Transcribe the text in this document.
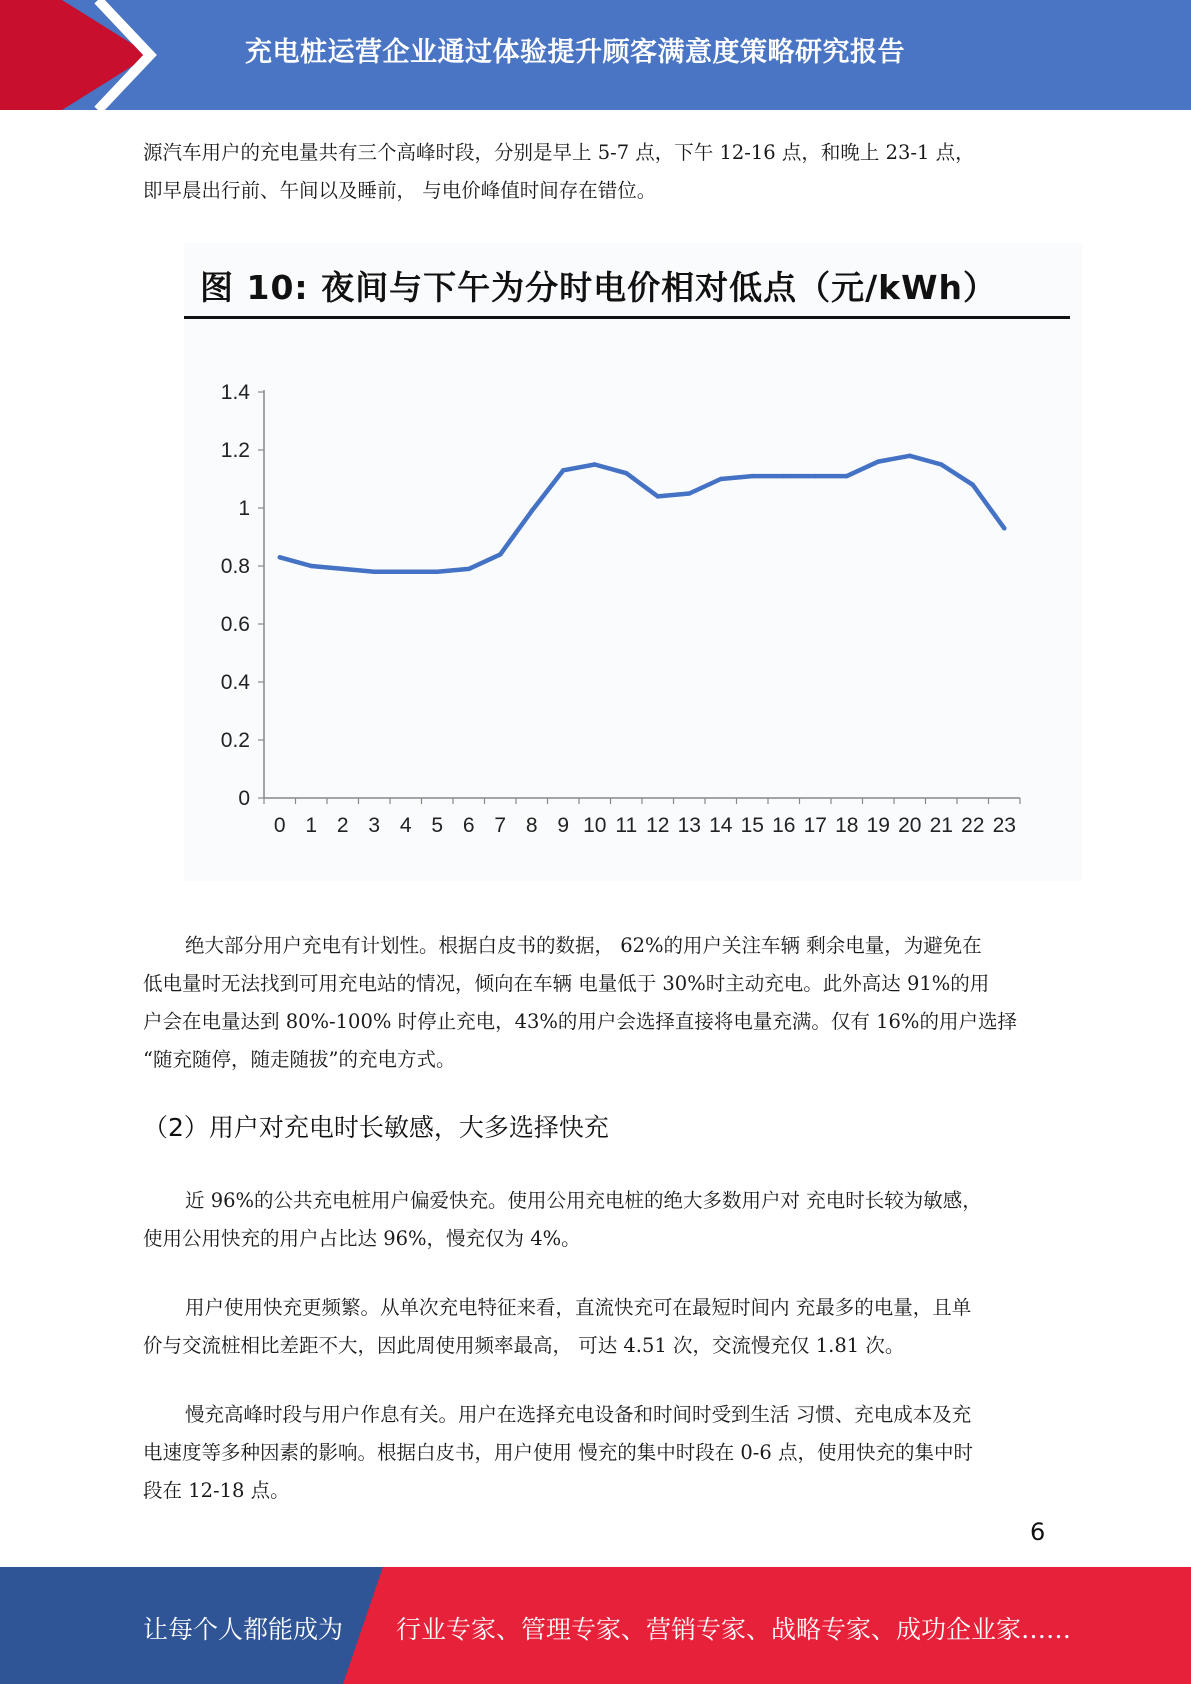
充电桩运营企业通过体验提升顾客满意度策略研究报告

源汽车用户的充电量共有三个高峰时段，分别是早上 5-7 点，下午 12-16 点，和晚上 23-1 点，

即早晨出行前、午间以及睡前， 与电价峰值时间存在错位。

图 10: 夜间与下午为分时电价相对低点（元/kWh）
0
0.2
0.4
0.6
0.8
1
1.2
1.4
0 1 2 3 4 5 6 7 8 9 10 11 12 13 14 15 16 17 18 19 20 21 22 23

绝大部分用户充电有计划性。根据白皮书的数据， 62%的用户关注车辆 剩余电量，为避免在

低电量时无法找到可用充电站的情况，倾向在车辆 电量低于 30%时主动充电。此外高达 91%的用

户会在电量达到 80%-100% 时停止充电，43%的用户会选择直接将电量充满。仅有 16%的用户选择

“随充随停，随走随拔”的充电方式。

（2）用户对充电时长敏感，大多选择快充

近 96%的公共充电桩用户偏爱快充。使用公用充电桩的绝大多数用户对 充电时长较为敏感，

使用公用快充的用户占比达 96%，慢充仅为 4%。

用户使用快充更频繁。从单次充电特征来看，直流快充可在最短时间内 充最多的电量，且单

价与交流桩相比差距不大，因此周使用频率最高， 可达 4.51 次，交流慢充仅 1.81 次。

慢充高峰时段与用户作息有关。用户在选择充电设备和时间时受到生活 习惯、充电成本及充

电速度等多种因素的影响。根据白皮书，用户使用 慢充的集中时段在 0-6 点，使用快充的集中时

段在 12-18 点。

6
让每个人都能成为 行业专家、管理专家、营销专家、战略专家、成功企业家……
